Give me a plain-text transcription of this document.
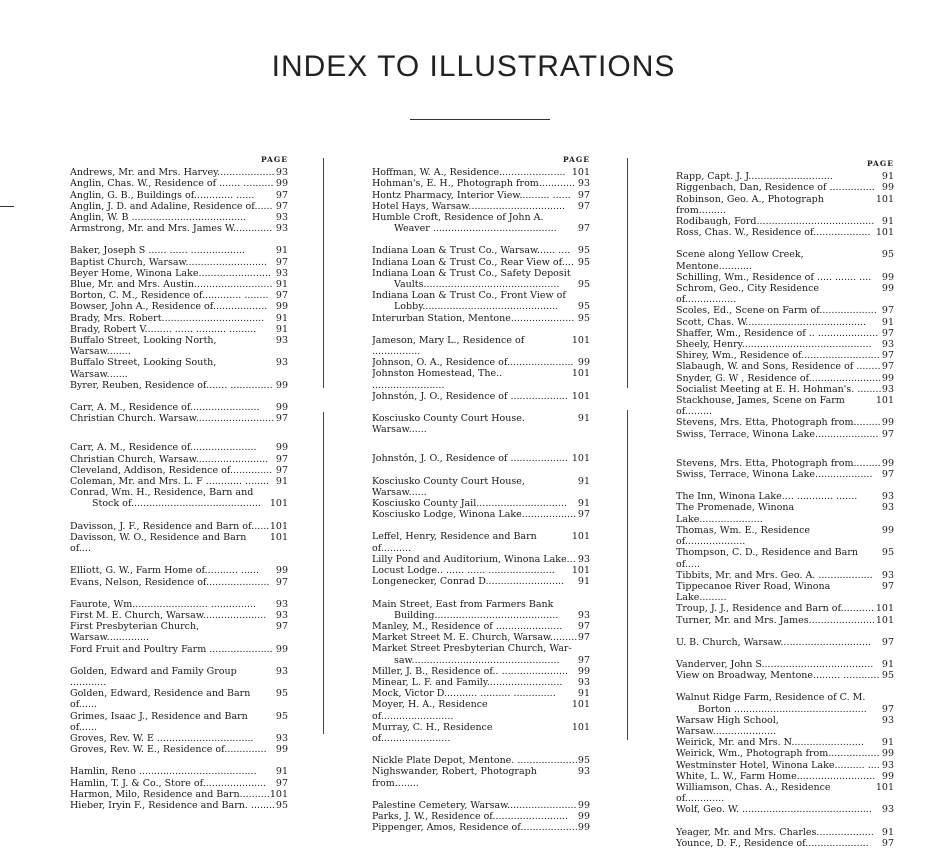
INDEX TO ILLUSTRATIONS
PAGE
93
Andrews, Mr. and Mrs. Harvey...................
99
Anglin, Chas. W., Residence of ....... ..........
97
Anglin, G. B., Buildings of............. ......
97
Anglin, J. D. and Adaline, Residence of......
93
Anglin, W. B ......................................
93
Armstrong, Mr. and Mrs. James W.............
91
Baker, Joseph S ...... ...... ..................
97
Baptist Church, Warsaw...........................
93
Beyer Home, Winona Lake........................
91
Blue, Mr. and Mrs. Austin..........................
97
Borton, C. M., Residence of............. ........
99
Bowser, John A., Residence of..................
91
Brady, Mrs. Robert..................................
91
Brady, Robert V......... ...... .......... .........
93
Buffalo Street, Looking North, Warsaw........
93
Buffalo Street, Looking South, Warsaw.......
99
Byrer, Reuben, Residence of....... ..............
99
Carr, A. M., Residence of.......................
97
Christian Church. Warsaw..........................
99
Carr, A. M., Residence of......................
97
Christian Church, Warsaw........................
97
Cleveland, Addison, Residence of..............
91
Coleman, Mr. and Mrs. L. F ............ ........
Conrad, Wm. H., Residence, Barn and
101
Stock of...........................................
101
Davisson, J. F., Residence and Barn of......
101
Davisson, W. O., Residence and Barn of....
99
Elliott, G. W., Farm Home of........... ......
97
Evans, Nelson, Residence of.....................
93
Faurote, Wm......................... ...............
93
First M. E. Church, Warsaw.....................
97
First Presbyterian Church, Warsaw..............
99
Ford Fruit and Poultry Farm .....................
93
Golden, Edward and Family Group ............
95
Golden, Edward, Residence and Barn of......
95
Grimes, Isaac J., Residence and Barn of......
93
Groves, Rev. W. E ................................
99
Groves, Rev. W. E., Residence of..............
91
Hamlin, Reno .......................................
97
Hamlin, T. J. & Co., Store of.....................
101
Harmon, Milo, Residence and Barn..........
95
Hieber, Iryin F., Residence and Barn. ........
PAGE
101
Hoffman, W. A., Residence......................
93
Hohman's, E. H., Photograph from............
97
Hontz Pharmacy, Interior View.......... ......
97
Hotel Hays, Warsaw................................
Humble Croft, Residence of John A.
97
Weaver .........................................
95
Indiana Loan & Trust Co., Warsaw...... ....
95
Indiana Loan & Trust Co., Rear View of....
Indiana Loan & Trust Co., Safety Deposit
95
Vaults.............................................
Indiana Loan & Trust Co., Front View of
95
Lobby.............................................
95
Interurban Station, Mentone.....................
101
Jameson, Mary L., Residence of ................
99
Johnson, O. A., Residence of......................
101
Johnston Homestead, The.. ........................
101
Johnstón, J. O., Residence of ...................
91
Kosciusko County Court House. Warsaw......
101
Johnstón, J. O., Residence of ...................
91
Kosciusko County Court House, Warsaw......
91
Kosciusko County Jail..............................
97
Kosciusko Lodge, Winona Lake..................
101
Leffel, Henry, Residence and Barn of..........
93
Lilly Pond and Auditorium, Winona Lake...
101
Locust Lodge.. ...... ...... ......................
91
Longenecker, Conrad D..........................
Main Street, East from Farmers Bank
93
Building.........................................
97
Manley, M., Residence of ......................
97
Market Street M. E. Church, Warsaw.........
Market Street Presbyterian Church, War-
97
saw.................................................
99
Miller, J. B., Residence of.. ......................
93
Minear, L. F. and Family.........................
91
Mock, Victor D........... .......... ..............
101
Moyer, H. A., Residence of........................
101
Murray, C. H., Residence of.......................
95
Nickle Plate Depot, Mentone. ....................
93
Nighswander, Robert, Photograph from........
99
Palestine Cemetery, Warsaw.......................
99
Parks, J. W., Residence of.........................
99
Pippenger, Amos, Residence of...................
PAGE
91
Rapp, Capt. J. J............................
99
Riggenbach, Dan, Residence of ...............
101
Robinson, Geo. A., Photograph from.........
91
Rodibaugh, Ford.......................................
101
Ross, Chas. W., Residence of...................
95
Scene along Yellow Creek, Mentone...........
99
Schilling, Wm., Residence of ..... ....... ....
99
Schrom, Geo., City Residence of.................
97
Scoles, Ed., Scene on Farm of...................
91
Scott, Chas. W........................................
97
Shaffer, Wm., Residence of .. ....................
93
Sheely, Henry...........................................
97
Shirey, Wm., Residence of..........................
97
Slabaugh, W. and Sons, Residence of ........
99
Snyder, G. W , Residence of........................
93
Socialist Meeting at E. H. Hohman's. ........
101
Stackhouse, James, Scene on Farm of.........
99
Stevens, Mrs. Etta, Photograph from.........
97
Swiss, Terrace, Winona Lake.....................
99
Stevens, Mrs. Etta, Photograph from.........
97
Swiss, Terrace, Winona Lake...................
93
The Inn, Winona Lake.... ............ .......
93
The Promenade, Winona Lake.....................
99
Thomas, Wm. E., Residence of....................
95
Thompson, C. D., Residence and Barn of.....
93
Tibbits, Mr. and Mrs. Geo. A. ..................
97
Tippecanoe River Road, Winona Lake.........
101
Troup, J. J., Residence and Barn of...........
101
Turner, Mr. and Mrs. James......................
97
U. B. Church, Warsaw..............................
91
Vanderver, John S.....................................
95
View on Broadway, Mentone......... ............
Walnut Ridge Farm, Residence of C. M.
97
Borton ............................................
93
Warsaw High School, Warsaw.....................
91
Weirick, Mr. and Mrs. N........................
99
Weirick, Wm., Photograph from.................
93
Westminster Hotel, Winona Lake.......... ....
99
White, L. W., Farm Home..........................
101
Williamson, Chas. A., Residence of.............
93
Wolf, Geo. W. ...........................................
91
Yeager, Mr. and Mrs. Charles...................
97
Younce, D. F., Residence of.....................
